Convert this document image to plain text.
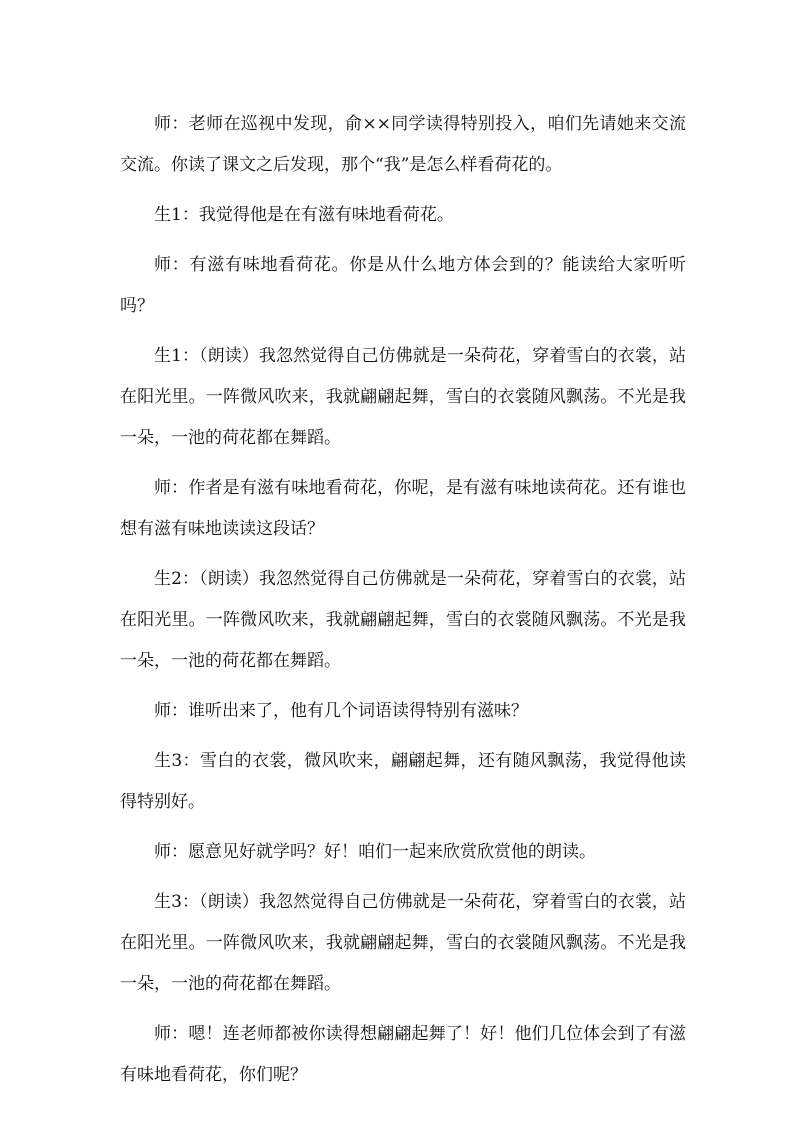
师：老师在巡视中发现，俞××同学读得特别投入，咱们先请她来交流交流。你读了课文之后发现，那个“我”是怎么样看荷花的。

生1：我觉得他是在有滋有味地看荷花。

师：有滋有味地看荷花。你是从什么地方体会到的？能读给大家听听吗？

生1：（朗读）我忽然觉得自己仿佛就是一朵荷花，穿着雪白的衣裳，站在阳光里。一阵微风吹来，我就翩翩起舞，雪白的衣裳随风飘荡。不光是我一朵，一池的荷花都在舞蹈。

师：作者是有滋有味地看荷花，你呢，是有滋有味地读荷花。还有谁也想有滋有味地读读这段话？

生2：（朗读）我忽然觉得自己仿佛就是一朵荷花，穿着雪白的衣裳，站在阳光里。一阵微风吹来，我就翩翩起舞，雪白的衣裳随风飘荡。不光是我一朵，一池的荷花都在舞蹈。

师：谁听出来了，他有几个词语读得特别有滋味？

生3：雪白的衣裳，微风吹来，翩翩起舞，还有随风飘荡，我觉得他读得特别好。

师：愿意见好就学吗？好！咱们一起来欣赏欣赏他的朗读。

生3：（朗读）我忽然觉得自己仿佛就是一朵荷花，穿着雪白的衣裳，站在阳光里。一阵微风吹来，我就翩翩起舞，雪白的衣裳随风飘荡。不光是我一朵，一池的荷花都在舞蹈。

师：嗯！连老师都被你读得想翩翩起舞了！好！他们几位体会到了有滋有味地看荷花，你们呢？
